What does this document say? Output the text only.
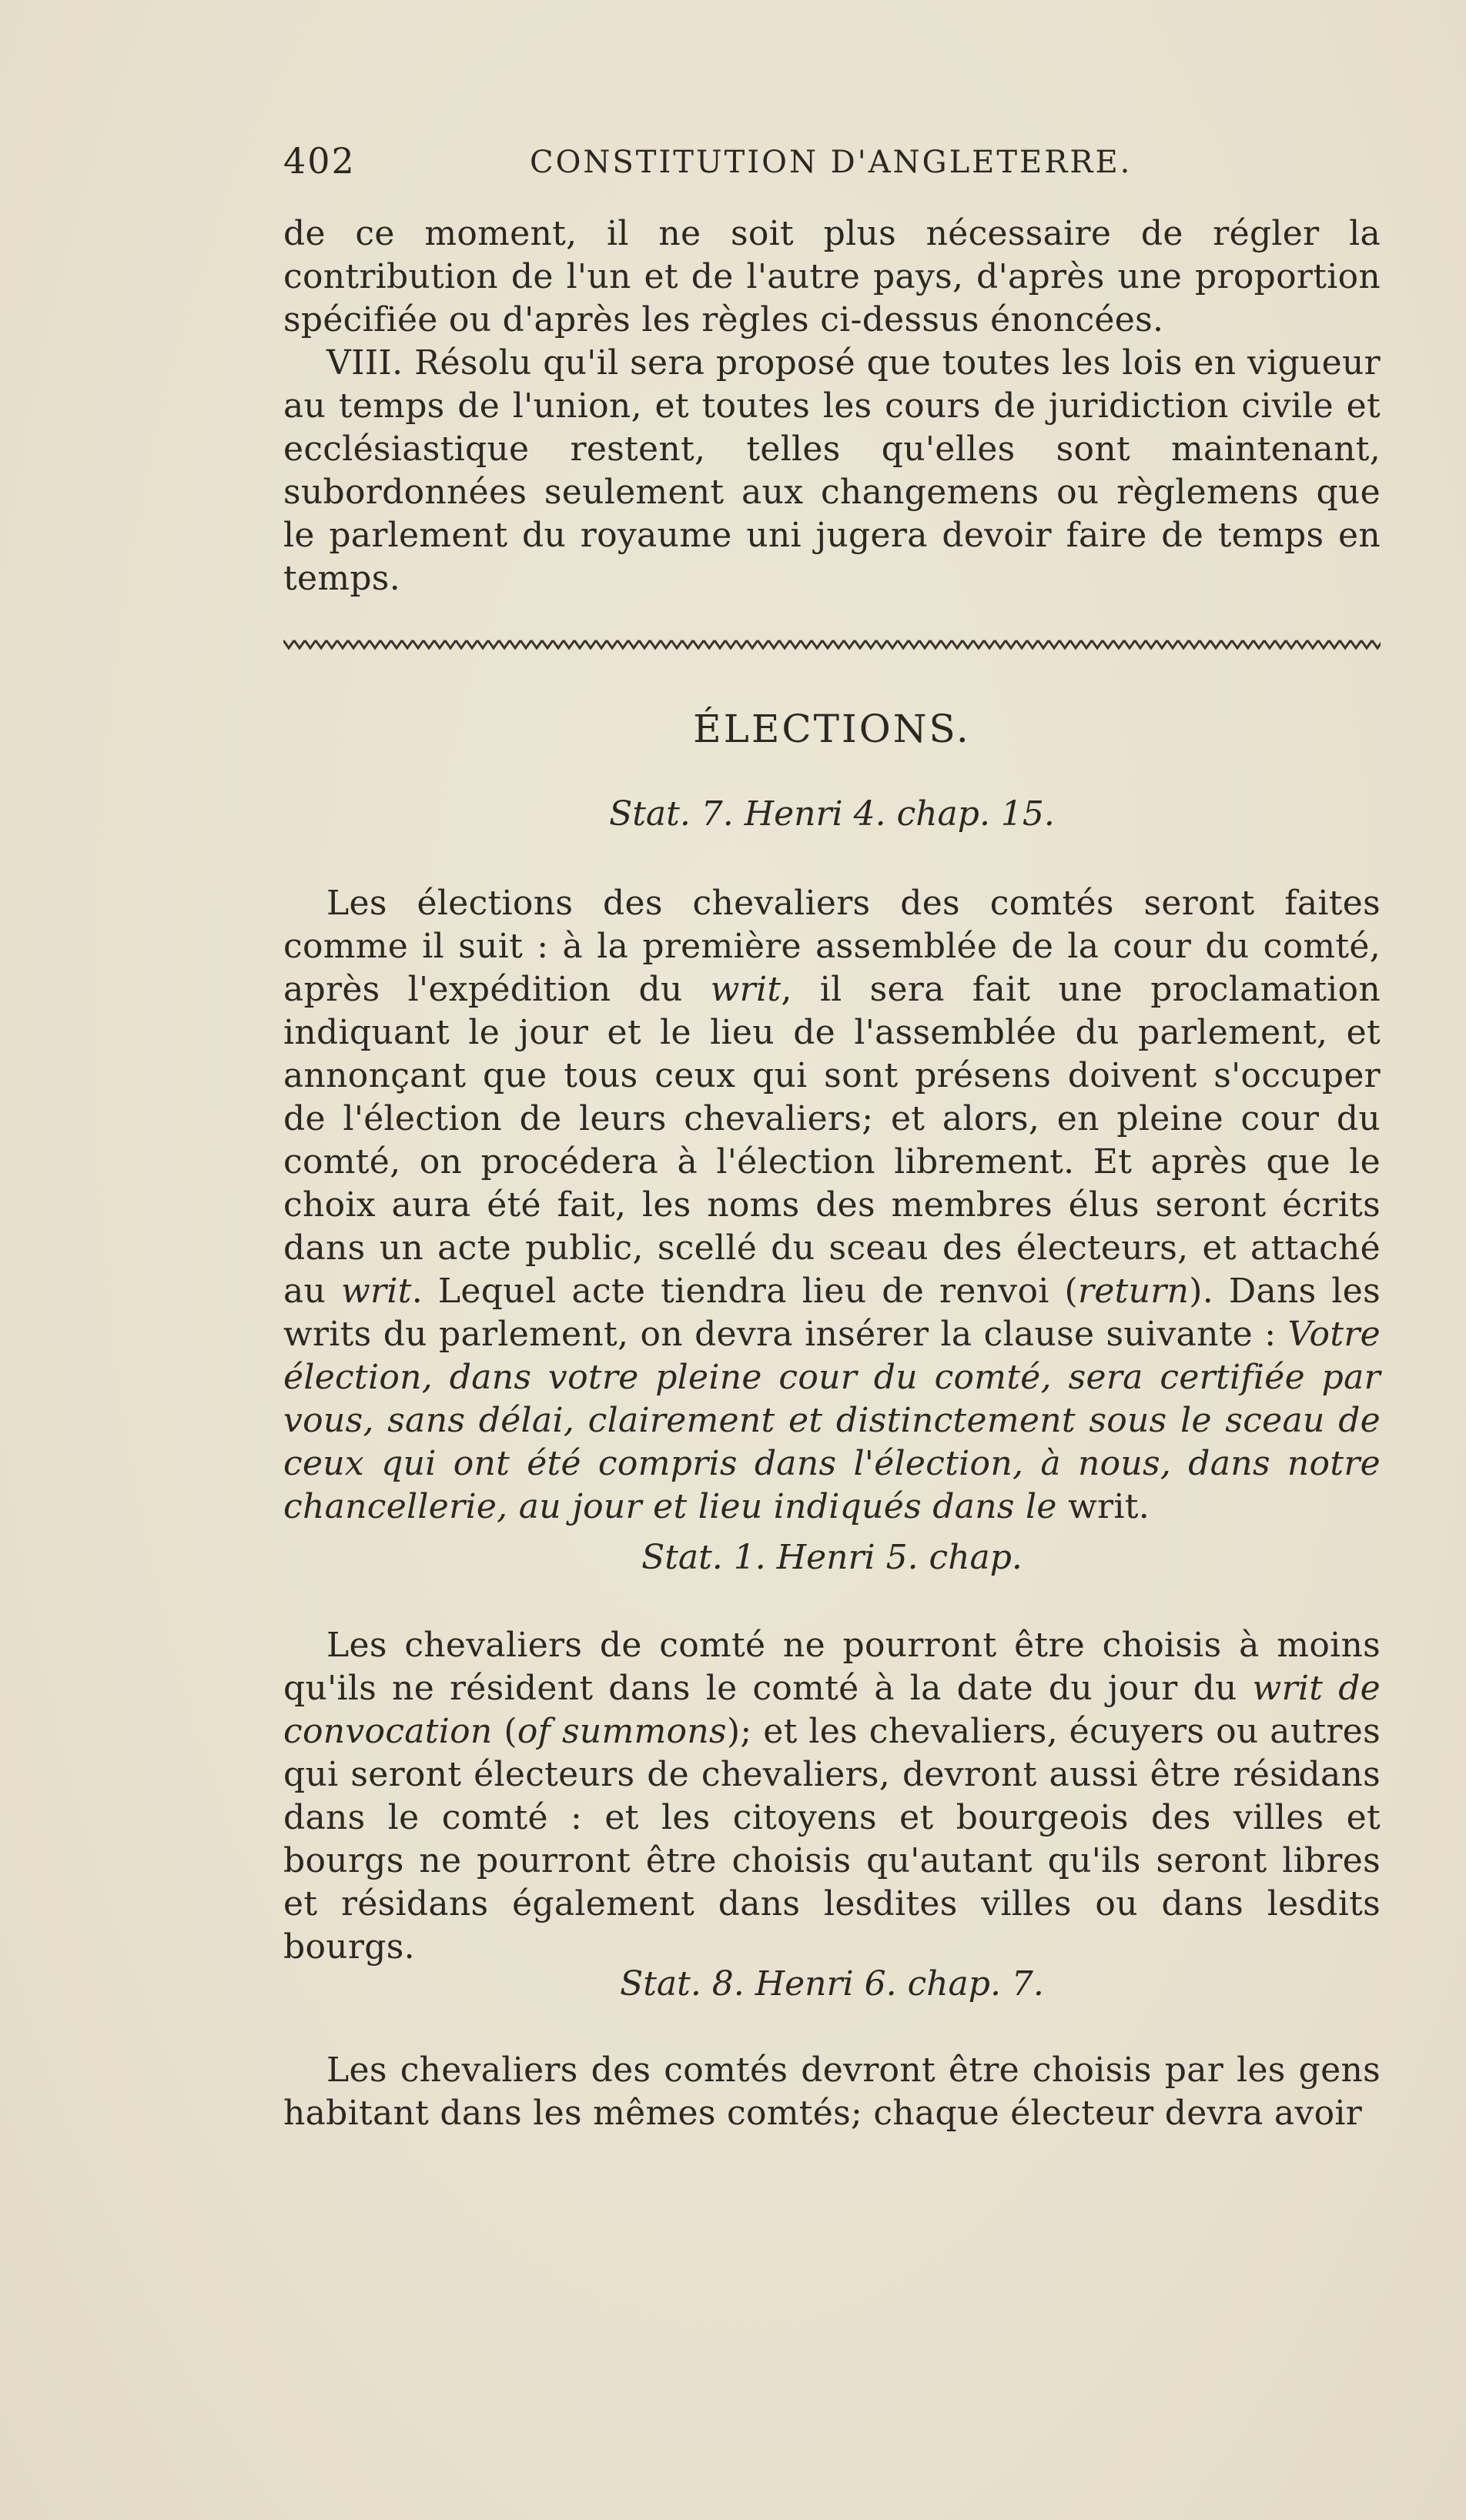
402	CONSTITUTION D'ANGLETERRE.

de ce moment, il ne soit plus nécessaire de régler la contribution de l'un et de l'autre pays, d'après une proportion spécifiée ou d'après les règles ci-dessus énoncées.

VIII. Résolu qu'il sera proposé que toutes les lois en vigueur au temps de l'union, et toutes les cours de juridiction civile et ecclésiastique restent, telles qu'elles sont maintenant, subordonnées seulement aux changemens ou règlemens que le parlement du royaume uni jugera devoir faire de temps en temps.

ÉLECTIONS.
Stat. 7. Henri 4. chap. 15.

Les élections des chevaliers des comtés seront faites comme il suit : à la première assemblée de la cour du comté, après l'expédition du writ, il sera fait une proclamation indiquant le jour et le lieu de l'assemblée du parlement, et annonçant que tous ceux qui sont présens doivent s'occuper de l'élection de leurs chevaliers; et alors, en pleine cour du comté, on procédera à l'élection librement. Et après que le choix aura été fait, les noms des membres élus seront écrits dans un acte public, scellé du sceau des électeurs, et attaché au writ. Lequel acte tiendra lieu de renvoi (return). Dans les writs du parlement, on devra insérer la clause suivante : Votre élection, dans votre pleine cour du comté, sera certifiée par vous, sans délai, clairement et distinctement sous le sceau de ceux qui ont été compris dans l'élection, à nous, dans notre chancellerie, au jour et lieu indiqués dans le writ.

Stat. 1. Henri 5. chap.

Les chevaliers de comté ne pourront être choisis à moins qu'ils ne résident dans le comté à la date du jour du writ de convocation (of summons); et les chevaliers, écuyers ou autres qui seront électeurs de chevaliers, devront aussi être résidans dans le comté : et les citoyens et bourgeois des villes et bourgs ne pourront être choisis qu'autant qu'ils seront libres et résidans également dans lesdites villes ou dans lesdits bourgs.

Stat. 8. Henri 6. chap. 7.

Les chevaliers des comtés devront être choisis par les gens habitant dans les mêmes comtés; chaque électeur devra avoir
